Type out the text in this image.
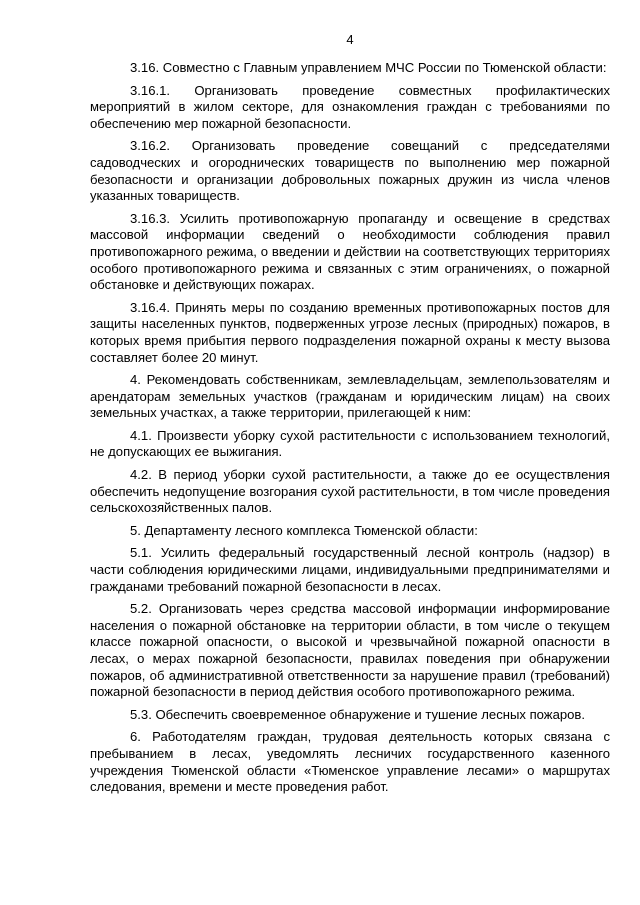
4

3.16. Совместно с Главным управлением МЧС России по Тюменской области:

3.16.1. Организовать проведение совместных профилактических мероприятий в жилом секторе, для ознакомления граждан с требованиями по обеспечению мер пожарной безопасности.

3.16.2. Организовать проведение совещаний с председателями садоводческих и огороднических товариществ по выполнению мер пожарной безопасности и организации добровольных пожарных дружин из числа членов указанных товариществ.

3.16.3. Усилить противопожарную пропаганду и освещение в средствах массовой информации сведений о необходимости соблюдения правил противопожарного режима, о введении и действии на соответствующих территориях особого противопожарного режима и связанных с этим ограничениях, о пожарной обстановке и действующих пожарах.

3.16.4. Принять меры по созданию временных противопожарных постов для защиты населенных пунктов, подверженных угрозе лесных (природных) пожаров, в которых время прибытия первого подразделения пожарной охраны к месту вызова составляет более 20 минут.

4. Рекомендовать собственникам, землевладельцам, землепользователям и арендаторам земельных участков (гражданам и юридическим лицам) на своих земельных участках, а также территории, прилегающей к ним:

4.1. Произвести уборку сухой растительности с использованием технологий, не допускающих ее выжигания.

4.2. В период уборки сухой растительности, а также до ее осуществления обеспечить недопущение возгорания сухой растительности, в том числе проведения сельскохозяйственных палов.

5. Департаменту лесного комплекса Тюменской области:

5.1. Усилить федеральный государственный лесной контроль (надзор) в части соблюдения юридическими лицами, индивидуальными предпринимателями и гражданами требований пожарной безопасности в лесах.

5.2. Организовать через средства массовой информации информирование населения о пожарной обстановке на территории области, в том числе о текущем классе пожарной опасности, о высокой и чрезвычайной пожарной опасности в лесах, о мерах пожарной безопасности, правилах поведения при обнаружении пожаров, об административной ответственности за нарушение правил (требований) пожарной безопасности в период действия особого противопожарного режима.

5.3. Обеспечить своевременное обнаружение и тушение лесных пожаров.

6. Работодателям граждан, трудовая деятельность которых связана с пребыванием в лесах, уведомлять лесничих государственного казенного учреждения Тюменской области «Тюменское управление лесами» о маршрутах следования, времени и месте проведения работ.
